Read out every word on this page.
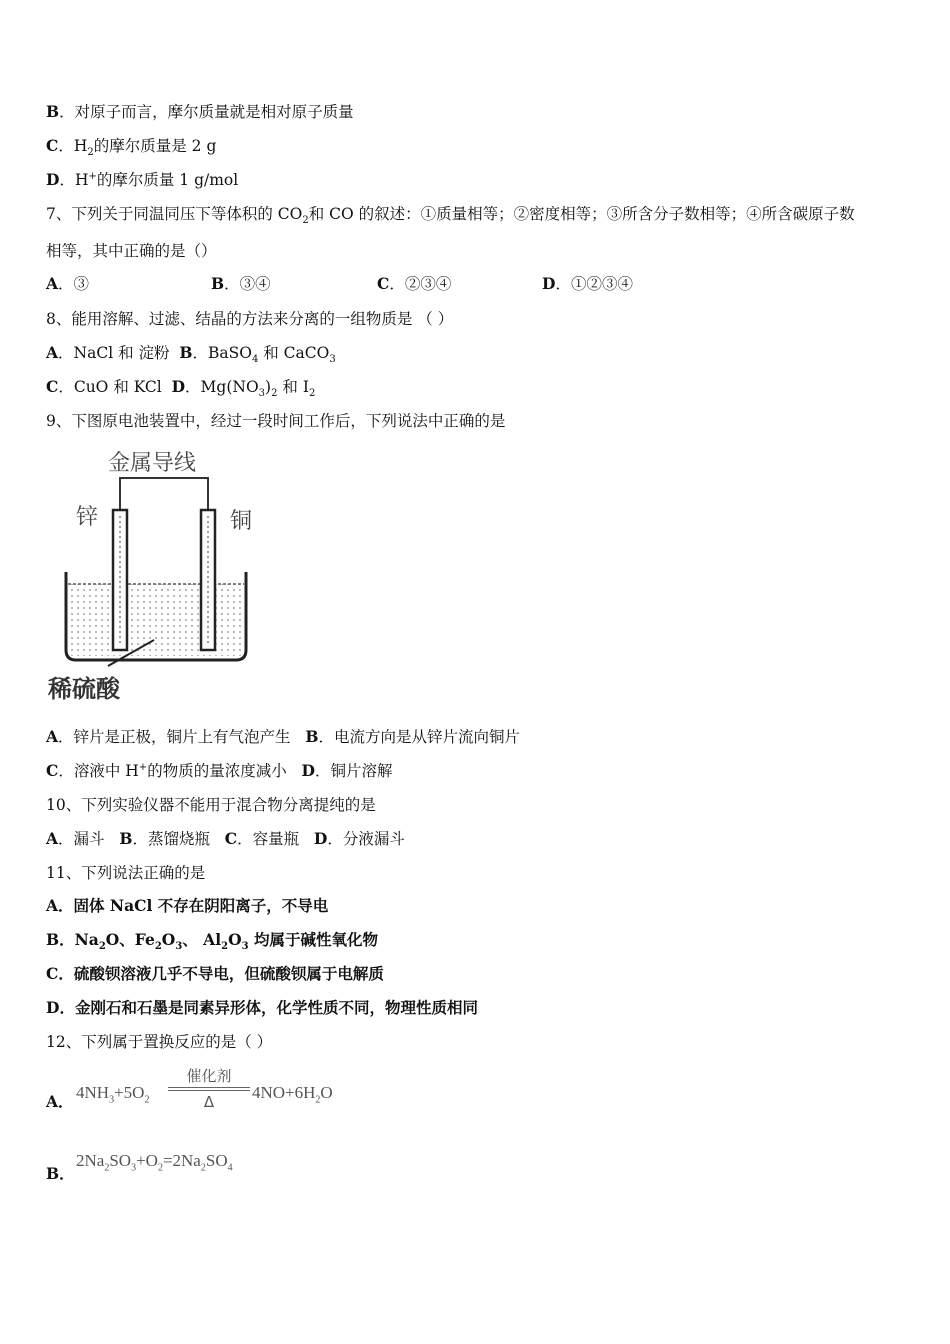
B．对原子而言，摩尔质量就是相对原子质量
C．$H_2$的摩尔质量是 2 g
D．H+的摩尔质量 1 g/mol
7、下列关于同温同压下等体积的 $CO_2$和 CO 的叙述：①质量相等；②密度相等；③所含分子数相等；④所含碳原子数
相等，其中正确的是（）
A．③	B．③④	C．②③④	D．①②③④
8、能用溶解、过滤、结晶的方法来分离的一组物质是 （ ）
A．NaCl 和 淀粉 B．BaSO$_4$ 和 CaCO$_3$
C．CuO 和 KCl D．$Mg(NO_3)_2$ 和 $I_2$
9、下图原电池装置中，经过一段时间工作后，下列说法中正确的是
金属导线
锌	铜
稀硫酸
A．锌片是正极，铜片上有气泡产生 B．电流方向是从锌片流向铜片
C．溶液中 H+的物质的量浓度减小 D．铜片溶解
10、下列实验仪器不能用于混合物分离提纯的是
A．漏斗 B．蒸馏烧瓶 C．容量瓶 D．分液漏斗
11、下列说法正确的是
A．固体 NaCl 不存在阴阳离子，不导电
B．$Na_2O$、$Fe_2O_3$、 $Al_2O_3$ 均属于碱性氧化物
C．硫酸钡溶液几乎不导电，但硫酸钡属于电解质
D．金刚石和石墨是同素异形体，化学性质不同，物理性质相同
12、下列属于置换反应的是（ ）
A． $4NH_3+5O_2$
催化剂
Δ	$4NO+6H_2O$
B．
$2Na_2SO_3+O_2=2Na_2SO_4$
